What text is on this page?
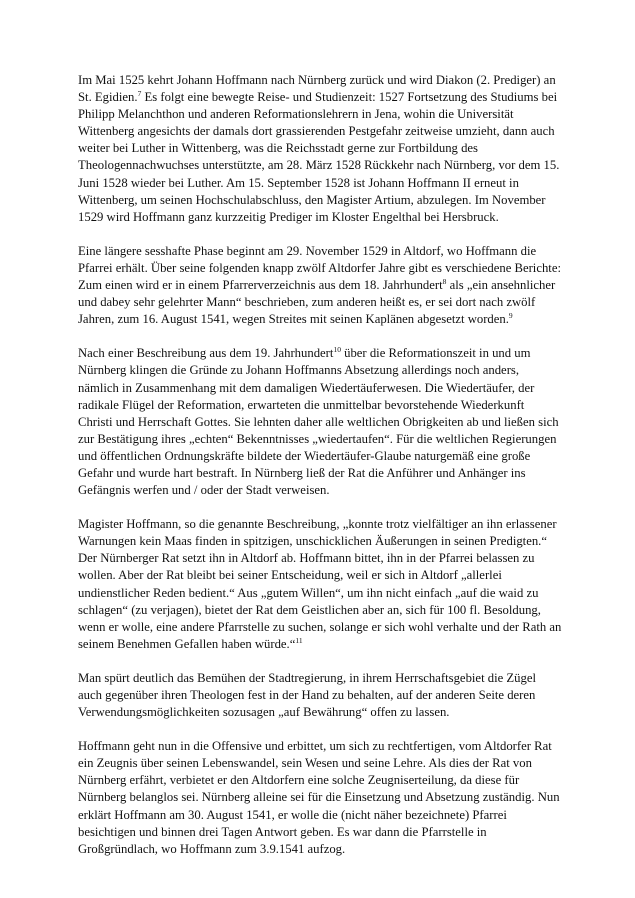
Im Mai 1525 kehrt Johann Hoffmann nach Nürnberg zurück und wird Diakon (2. Prediger) an St. Egidien.$^7$ Es folgt eine bewegte Reise- und Studienzeit: 1527 Fortsetzung des Studiums bei Philipp Melanchthon und anderen Reformationslehrern in Jena, wohin die Universität Wittenberg angesichts der damals dort grassierenden Pestgefahr zeitweise umzieht, dann auch weiter bei Luther in Wittenberg, was die Reichsstadt gerne zur Fortbildung des Theologennachwuchses unterstützte, am 28. März 1528 Rückkehr nach Nürnberg, vor dem 15. Juni 1528 wieder bei Luther. Am 15. September 1528 ist Johann Hoffmann II erneut in Wittenberg, um seinen Hochschulabschluss, den Magister Artium, abzulegen. Im November 1529 wird Hoffmann ganz kurzzeitig Prediger im Kloster Engelthal bei Hersbruck.

Eine längere sesshafte Phase beginnt am 29. November 1529 in Altdorf, wo Hoffmann die Pfarrei erhält. Über seine folgenden knapp zwölf Altdorfer Jahre gibt es verschiedene Berichte: Zum einen wird er in einem Pfarrerverzeichnis aus dem 18. Jahrhundert$^8$ als „ein ansehnlicher und dabey sehr gelehrter Mann“ beschrieben, zum anderen heißt es, er sei dort nach zwölf Jahren, zum 16. August 1541, wegen Streites mit seinen Kaplänen abgesetzt worden.$^9$

Nach einer Beschreibung aus dem 19. Jahrhundert$^{10}$ über die Reformationszeit in und um Nürnberg klingen die Gründe zu Johann Hoffmanns Absetzung allerdings noch anders, nämlich in Zusammenhang mit dem damaligen Wiedertäuferwesen. Die Wiedertäufer, der radikale Flügel der Reformation, erwarteten die unmittelbar bevorstehende Wiederkunft Christi und Herrschaft Gottes. Sie lehnten daher alle weltlichen Obrigkeiten ab und ließen sich zur Bestätigung ihres „echten“ Bekenntnisses „wiedertaufen“. Für die weltlichen Regierungen und öffentlichen Ordnungskräfte bildete der Wiedertäufer-Glaube naturgemäß eine große Gefahr und wurde hart bestraft. In Nürnberg ließ der Rat die Anführer und Anhänger ins Gefängnis werfen und / oder der Stadt verweisen.

Magister Hoffmann, so die genannte Beschreibung, „konnte trotz vielfältiger an ihn erlassener Warnungen kein Maas finden in spitzigen, unschicklichen Äußerungen in seinen Predigten.“ Der Nürnberger Rat setzt ihn in Altdorf ab. Hoffmann bittet, ihn in der Pfarrei belassen zu wollen. Aber der Rat bleibt bei seiner Entscheidung, weil er sich in Altdorf „allerlei undienstlicher Reden bedient.“ Aus „gutem Willen“, um ihn nicht einfach „auf die waid zu schlagen“ (zu verjagen), bietet der Rat dem Geistlichen aber an, sich für 100 fl. Besoldung, wenn er wolle, eine andere Pfarrstelle zu suchen, solange er sich wohl verhalte und der Rath an seinem Benehmen Gefallen haben würde.“$^{11}$

Man spürt deutlich das Bemühen der Stadtregierung, in ihrem Herrschaftsgebiet die Zügel auch gegenüber ihren Theologen fest in der Hand zu behalten, auf der anderen Seite deren Verwendungsmöglichkeiten sozusagen „auf Bewährung“ offen zu lassen.

Hoffmann geht nun in die Offensive und erbittet, um sich zu rechtfertigen, vom Altdorfer Rat ein Zeugnis über seinen Lebenswandel, sein Wesen und seine Lehre. Als dies der Rat von Nürnberg erfährt, verbietet er den Altdorfern eine solche Zeugniserteilung, da diese für Nürnberg belanglos sei. Nürnberg alleine sei für die Einsetzung und Absetzung zuständig. Nun erklärt Hoffmann am 30. August 1541, er wolle die (nicht näher bezeichnete) Pfarrei besichtigen und binnen drei Tagen Antwort geben. Es war dann die Pfarrstelle in Großgründlach, wo Hoffmann zum 3.9.1541 aufzog.
